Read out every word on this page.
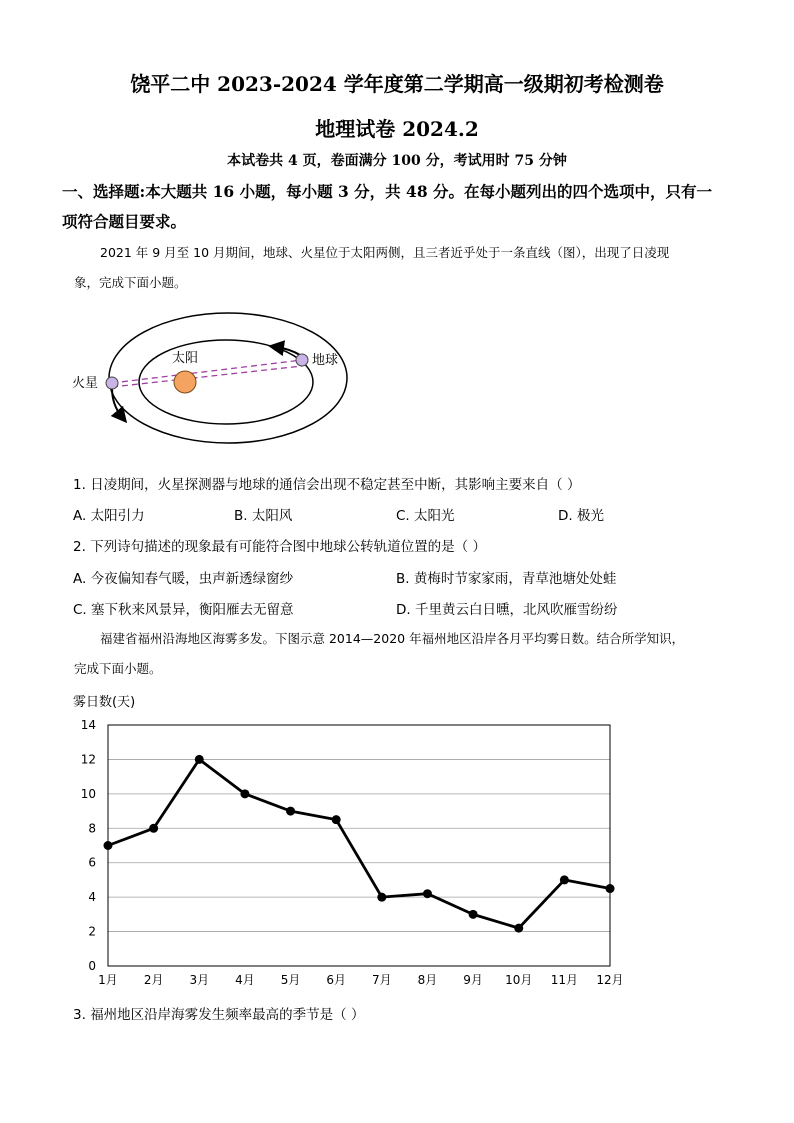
饶平二中 2023-2024 学年度第二学期高一级期初考检测卷
地理试卷 2024.2
本试卷共 4 页，卷面满分 100 分，考试用时 75 分钟
一、选择题:本大题共 16 小题，每小题 3 分，共 48 分。在每小题列出的四个选项中，只有一
项符合题目要求。
2021 年 9 月至 10 月期间，地球、火星位于太阳两侧，且三者近乎处于一条直线（图），出现了日凌现
象，完成下面小题。
太阳	地球
火星
1. 日凌期间，火星探测器与地球的通信会出现不稳定甚至中断，其影响主要来自（ ）
A. 太阳引力	B. 太阳风	C. 太阳光	D. 极光
2. 下列诗句描述的现象最有可能符合图中地球公转轨道位置的是（ ）
A. 今夜偏知春气暖，虫声新透绿窗纱	B. 黄梅时节家家雨，青草池塘处处蛙
C. 塞下秋来风景异，衡阳雁去无留意	D. 千里黄云白日曛，北风吹雁雪纷纷
福建省福州沿海地区海雾多发。下图示意 2014—2020 年福州地区沿岸各月平均雾日数。结合所学知识，
完成下面小题。
雾日数(天)
0
2
4
6
8
10
12
14
1月 2月 3月 4月 5月 6月 7月 8月 9月 10月 11月 12月
3. 福州地区沿岸海雾发生频率最高的季节是（ ）
